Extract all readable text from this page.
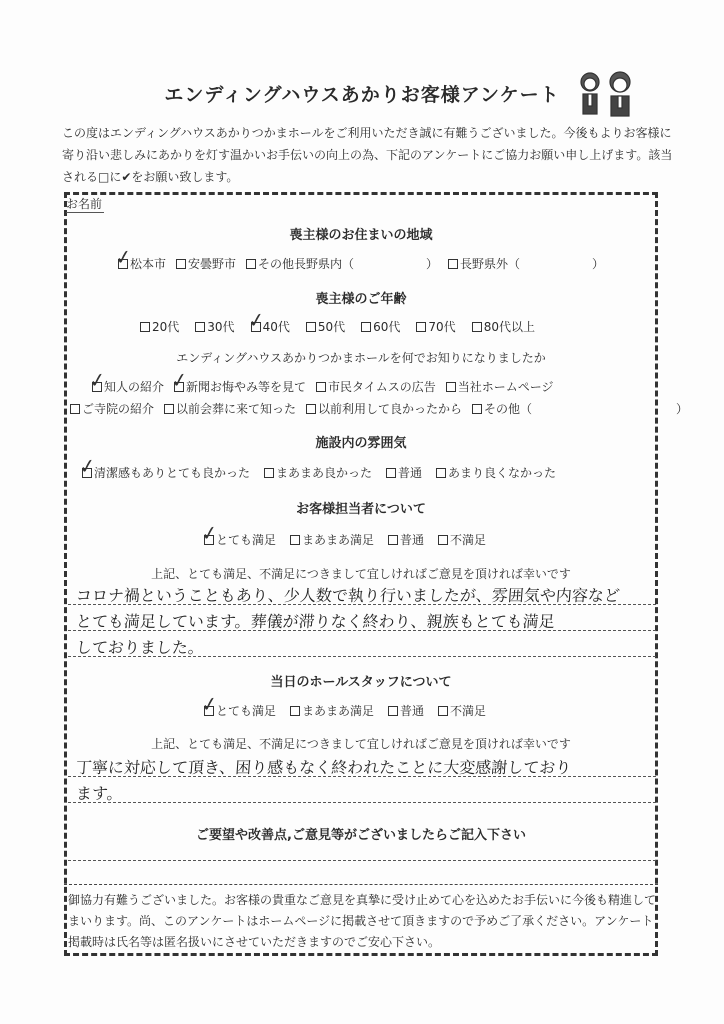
エンディングハウスあかりお客様アンケート
この度はエンディングハウスあかりつかまホールをご利用いただき誠に有難うございました。今後もよりお客様に寄り沿い悲しみにあかりを灯す温かいお手伝いの向上の為、下記のアンケートにご協力お願い申し上げます。該当される□に✔をお願い致します。
お名前
喪主様のお住まいの地域
✓
松本市 安曇野市 その他長野県内（　　　　　　） 長野県外（　　　　　　）
喪主様のご年齢
20代 30代 ✓
40代 50代 60代 70代 80代以上
エンディングハウスあかりつかまホールを何でお知りになりましたか
✓
知人の紹介 ✓
新聞お悔やみ等を見て 市民タイムスの広告 当社ホームページ
ご寺院の紹介 以前会葬に来て知った 以前利用して良かったから その他（　　　　　　　　　　　　）
施設内の雰囲気
✓
清潔感もありとても良かった まあまあ良かった 普通 あまり良くなかった
お客様担当者について
✓
とても満足 まあまあ満足 普通 不満足
上記、とても満足、不満足につきまして宜しければご意見を頂ければ幸いです
コロナ禍ということもあり、少人数で執り行いましたが、雰囲気や内容など
とても満足しています。葬儀が滞りなく終わり、親族もとても満足
しておりました。
当日のホールスタッフについて
✓
とても満足 まあまあ満足 普通 不満足
上記、とても満足、不満足につきまして宜しければご意見を頂ければ幸いです
丁寧に対応して頂き、困り感もなく終われたことに大変感謝しており
ます。
ご要望や改善点,ご意見等がございましたらご記入下さい
御協力有難うございました。お客様の貴重なご意見を真摯に受け止めて心を込めたお手伝いに今後も精進してまいります。尚、このアンケートはホームページに掲載させて頂きますので予めご了承ください。アンケート掲載時は氏名等は匿名扱いにさせていただきますのでご安心下さい。
